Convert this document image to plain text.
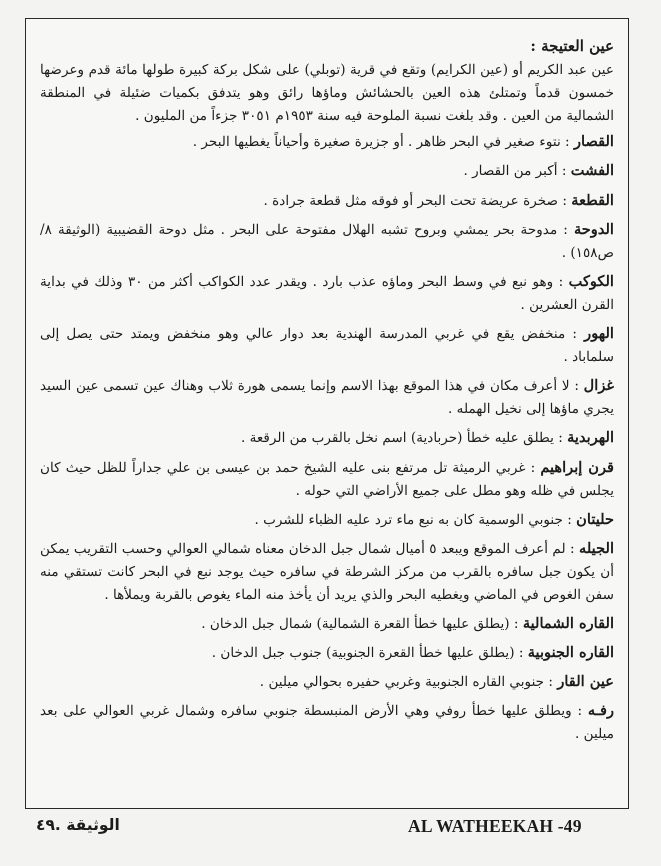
عين العتيجة :

عين عبد الكريم أو (عين الكرايم) وتقع في قرية (توبلي) على شكل بركة كبيرة طولها مائة قدم وعرضها خمسون قدماً وتمتلئ هذه العين بالحشائش وماؤها رائق وهو يتدفق بكميات ضئيلة في المنطقة الشمالية من العين . وقد بلغت نسبة الملوحة فيه سنة ١٩٥٣م ٣٠٥١ جزءاً من المليون .

القصار : نتوء صغير في البحر ظاهر . أو جزيرة صغيرة وأحياناً يغطيها البحر .

الفشت : أكبر من القصار .

القطعة : صخرة عريضة تحت البحر أو فوقه مثل قطعة جرادة .

الدوحة : مدوحة بحر يمشي وبروح تشبه الهلال مفتوحة على البحر . مثل دوحة القضيبية (الوثيقة ٨/ ص١٥٨) .

الكوكب : وهو نبع في وسط البحر وماؤه عذب بارد . ويقدر عدد الكواكب أكثر من ٣٠ وذلك في بداية القرن العشرين .

الهور : منخفض يقع في غربي المدرسة الهندية بعد دوار عالي وهو منخفض ويمتد حتى يصل إلى سلماباد .

غزال : لا أعرف مكان في هذا الموقع بهذا الاسم وإنما يسمى هورة ثلاب وهناك عين تسمى عين السيد يجري ماؤها إلى نخيل الهمله .

الهربدية : يطلق عليه خطأ (حربادية) اسم نخل بالقرب من الرقعة .

قرن إبراهيم : غربي الرميثة تل مرتفع بنى عليه الشيخ حمد بن عيسى بن علي جداراً للظل حيث كان يجلس في ظله وهو مطل على جميع الأراضي التي حوله .

حليتان : جنوبي الوسمية كان به نبع ماء ترد عليه الظباء للشرب .

الجيله : لم أعرف الموقع ويبعد ٥ أميال شمال جبل الدخان معناه شمالي العوالي وحسب التقريب يمكن أن يكون جبل سافره بالقرب من مركز الشرطة في سافره حيث يوجد نبع في البحر كانت تستقي منه سفن الغوص في الماضي ويغطيه البحر والذي يريد أن يأخذ منه الماء يغوص بالقربة ويملأها .

القاره الشمالية : (يطلق عليها خطأ القعرة الشمالية) شمال جبل الدخان .

القاره الجنوبية : (يطلق عليها خطأ القعرة الجنوبية) جنوب جبل الدخان .

عين القار : جنوبي القاره الجنوبية وغربي حفيره بحوالي ميلين .

رفـه : ويطلق عليها خطأ روفي وهي الأرض المنبسطة جنوبي سافره وشمال غربي العوالي على بعد ميلين .

AL WATHEEKAH -49
الوثيقة .٤٩
